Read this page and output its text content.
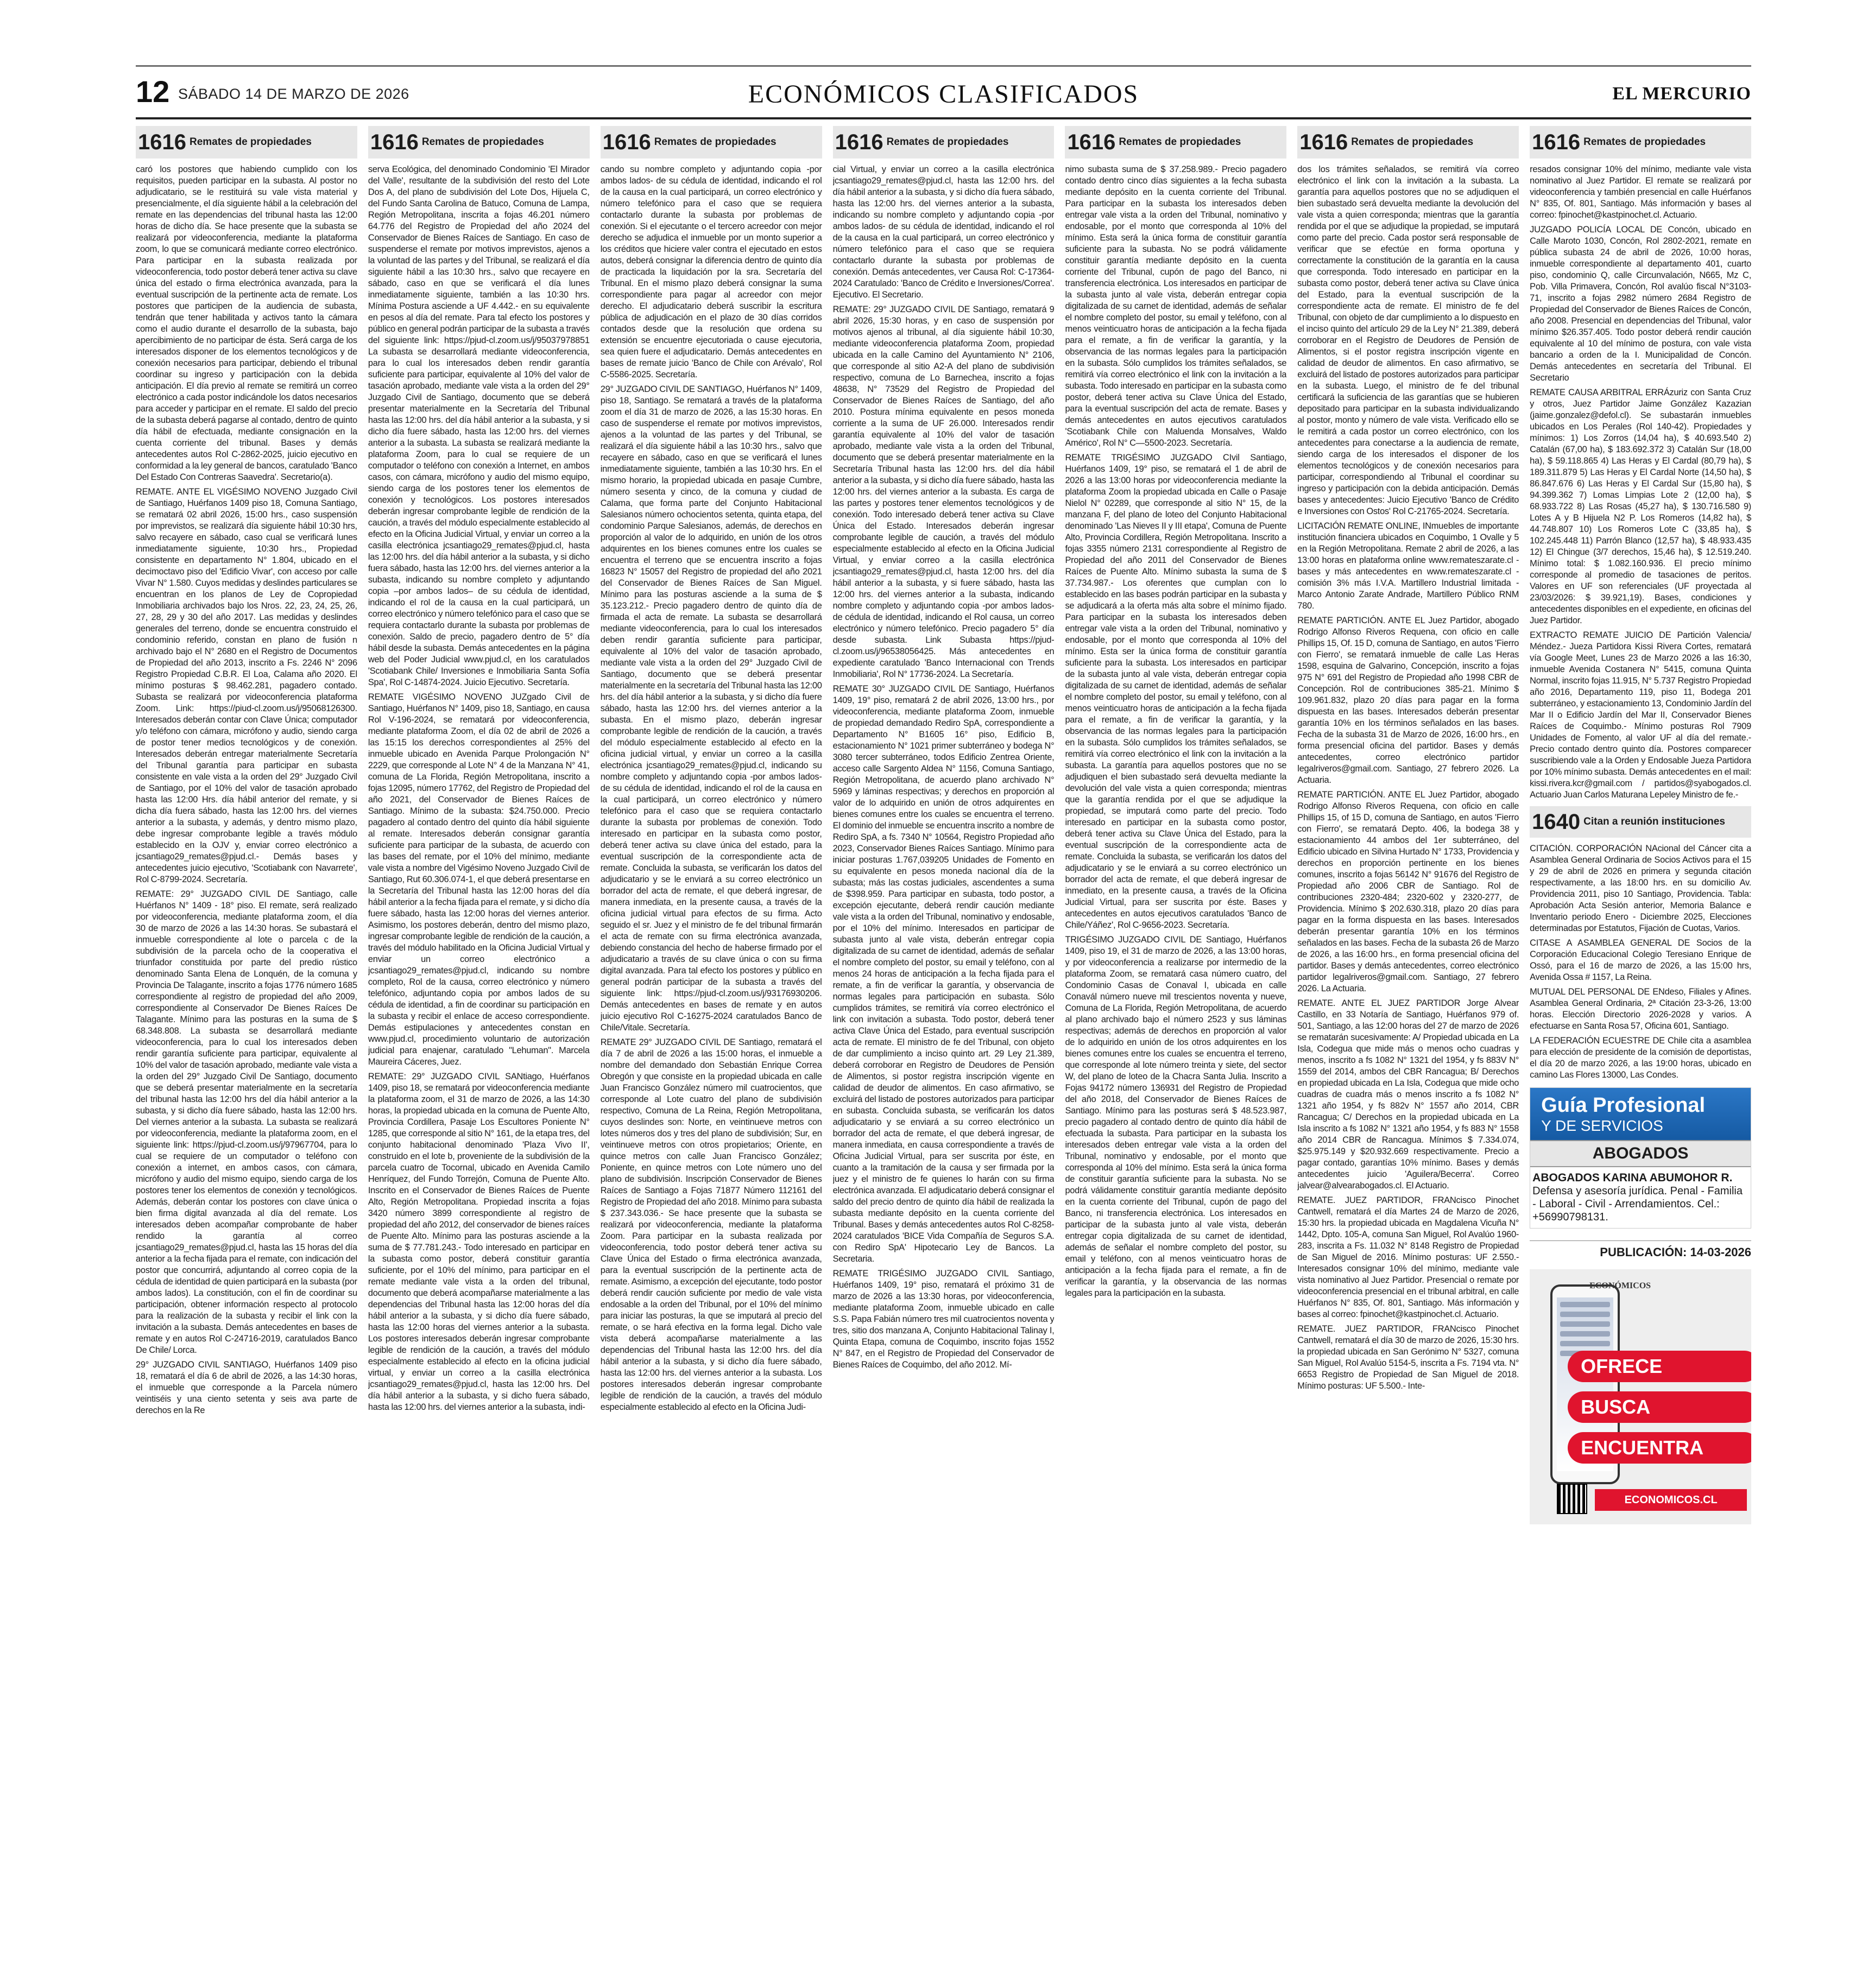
12 SÁBADO 14 DE MARZO DE 2026	ECONÓMICOS CLASIFICADOS	EL MERCURIO
1616 Remates de propiedades

caró los postores que habiendo cumplido con los requisitos, pueden participar en la subasta. Al postor no adjudicatario, se le restituirá su vale vista material y presencialmente, el día siguiente hábil a la celebración del remate en las dependencias del tribunal hasta las 12:00 horas de dicho día. Se hace presente que la subasta se realizará por videoconferencia, mediante la plataforma zoom, lo que se comunicará mediante correo electrónico. Para participar en la subasta realizada por videoconferencia, todo postor deberá tener activa su clave única del estado o firma electrónica avanzada, para la eventual suscripción de la pertinente acta de remate. Los postores que participen de la audiencia de subasta, tendrán que tener habilitada y activos tanto la cámara como el audio durante el desarrollo de la subasta, bajo apercibimiento de no participar de ésta. Será carga de los interesados disponer de los elementos tecnológicos y de conexión necesarios para participar, debiendo el tribunal coordinar su ingreso y participación con la debida anticipación. El día previo al remate se remitirá un correo electrónico a cada postor indicándole los datos necesarios para acceder y participar en el remate. El saldo del precio de la subasta deberá pagarse al contado, dentro de quinto día hábil de efectuada, mediante consignación en la cuenta corriente del tribunal. Bases y demás antecedentes autos Rol C-2862-2025, juicio ejecutivo en conformidad a la ley general de bancos, caratulado 'Banco Del Estado Con Contreras Saavedra'. Secretario(a).

REMATE. ANTE EL VIGÉSIMO NOVENO Juzgado Civil de Santiago, Huérfanos 1409 piso 18, Comuna Santiago, se rematará 02 abril 2026, 15:00 hrs., caso suspensión por imprevistos, se realizará día siguiente hábil 10:30 hrs, salvo recayere en sábado, caso cual se verificará lunes inmediatamente siguiente, 10:30 hrs., Propiedad consistente en departamento N° 1.804, ubicado en el decimoctavo piso del 'Edificio Vivar', con acceso por calle Vivar N° 1.580. Cuyos medidas y deslindes particulares se encuentran en los planos de Ley de Copropiedad Inmobiliaria archivados bajo los Nros. 22, 23, 24, 25, 26, 27, 28, 29 y 30 del año 2017. Las medidas y deslindes generales del terreno, donde se encuentra construido el condominio referido, constan en plano de fusión n archivado bajo el N° 2680 en el Registro de Documentos de Propiedad del año 2013, inscrito a Fs. 2246 N° 2096 Registro Propiedad C.B.R. El Loa, Calama año 2020. El mínimo posturas $ 98.462.281, pagadero contado. Subasta se realizará por videoconferencia plataforma Zoom. Link: https://piud-cl.zoom.us/j/95068126300. Interesados deberán contar con Clave Única; computador y/o teléfono con cámara, micrófono y audio, siendo carga de postor tener medios tecnológicos y de conexión. Interesados deberán entregar materialmente Secretaría del Tribunal garantía para participar en subasta consistente en vale vista a la orden del 29° Juzgado Civil de Santiago, por el 10% del valor de tasación aprobado hasta las 12:00 Hrs. día hábil anterior del remate, y si dicha día fuera sábado, hasta las 12:00 hrs. del viernes anterior a la subasta, y además, y dentro mismo plazo, debe ingresar comprobante legible a través módulo establecido en la OJV y, enviar correo electrónico a jcsantiago29_remates@pjud.cl.- Demás bases y antecedentes juicio ejecutivo, 'Scotiabank con Navarrete', Rol C-8799-2024. Secretaría.

REMATE: 29° JUZGADO CIVIL DE Santiago, calle Huérfanos N° 1409 - 18° piso. El remate, será realizado por videoconferencia, mediante plataforma zoom, el día 30 de marzo de 2026 a las 14:30 horas. Se subastará el inmueble correspondiente al lote o parcela c de la subdivisión de la parcela ocho de la cooperativa el triunfador constituida por parte del predio rústico denominado Santa Elena de Lonquén, de la comuna y Provincia De Talagante, inscrito a fojas 1776 número 1685 correspondiente al registro de propiedad del año 2009, correspondiente al Conservador De Bienes Raíces De Talagante. Mínimo para las posturas en la suma de $ 68.348.808. La subasta se desarrollará mediante videoconferencia, para lo cual los interesados deben rendir garantía suficiente para participar, equivalente al 10% del valor de tasación aprobado, mediante vale vista a la orden del 29° Juzgado Civil De Santiago, documento que se deberá presentar materialmente en la secretaría del tribunal hasta las 12:00 hrs del día hábil anterior a la subasta, y si dicho día fuere sábado, hasta las 12:00 hrs. Del viernes anterior a la subasta. La subasta se realizará por videoconferencia, mediante la plataforma zoom, en el siguiente link: https://pjud-cl.zoom.us/j/97967704, para lo cual se requiere de un computador o teléfono con conexión a internet, en ambos casos, con cámara, micrófono y audio del mismo equipo, siendo carga de los postores tener los elementos de conexión y tecnológicos. Además, deberán contar los postores con clave única o bien firma digital avanzada al día del remate. Los interesados deben acompañar comprobante de haber rendido la garantía al correo jcsantiago29_remates@pjud.cl, hasta las 15 horas del día anterior a la fecha fijada para el remate, con indicación del postor que concurrirá, adjuntando al correo copia de la cédula de identidad de quien participará en la subasta (por ambos lados). La constitución, con el fin de coordinar su participación, obtener información respecto al protocolo para la realización de la subasta y recibir el link con la invitación a la subasta. Demás antecedentes en bases de remate y en autos Rol C-24716-2019, caratulados Banco De Chile/ Lorca.

29° JUZGADO CIVIL SANTIAGO, Huérfanos 1409 piso 18, rematará el día 6 de abril de 2026, a las 14:30 horas, el inmueble que corresponde a la Parcela número veintiséis y una ciento setenta y seis ava parte de derechos en la Re

1616 Remates de propiedades

serva Ecológica, del denominado Condominio 'El Mirador del Valle', resultante de la subdivisión del resto del Lote Dos A, del plano de subdivisión del Lote Dos, Hijuela C, del Fundo Santa Carolina de Batuco, Comuna de Lampa, Región Metropolitana, inscrita a fojas 46.201 número 64.776 del Registro de Propiedad del año 2024 del Conservador de Bienes Raíces de Santiago. En caso de suspenderse el remate por motivos imprevistos, ajenos a la voluntad de las partes y del Tribunal, se realizará el día siguiente hábil a las 10:30 hrs., salvo que recayere en sábado, caso en que se verificará el día lunes inmediatamente siguiente, también a las 10:30 hrs. Mínima Postura asciende a UF 4.442.- en su equivalente en pesos al día del remate. Para tal efecto los postores y público en general podrán participar de la subasta a través del siguiente link: https://pjud-cl.zoom.us/j/95037978851 La subasta se desarrollará mediante videoconferencia, para lo cual los interesados deben rendir garantía suficiente para participar, equivalente al 10% del valor de tasación aprobado, mediante vale vista a la orden del 29° Juzgado Civil de Santiago, documento que se deberá presentar materialmente en la Secretaría del Tribunal hasta las 12:00 hrs. del día hábil anterior a la subasta, y si dicho día fuere sábado, hasta las 12:00 hrs. del viernes anterior a la subasta. La subasta se realizará mediante la plataforma Zoom, para lo cual se requiere de un computador o teléfono con conexión a Internet, en ambos casos, con cámara, micrófono y audio del mismo equipo, siendo carga de los postores tener los elementos de conexión y tecnológicos. Los postores interesados deberán ingresar comprobante legible de rendición de la caución, a través del módulo especialmente establecido al efecto en la Oficina Judicial Virtual, y enviar un correo a la casilla electrónica jcsantiago29_remates@pjud.cl, hasta las 12:00 hrs. del día hábil anterior a la subasta, y si dicho fuera sábado, hasta las 12:00 hrs. del viernes anterior a la subasta, indicando su nombre completo y adjuntando copia –por ambos lados– de su cédula de identidad, indicando el rol de la causa en la cual participará, un correo electrónico y número telefónico para el caso que se requiera contactarlo durante la subasta por problemas de conexión. Saldo de precio, pagadero dentro de 5° día hábil desde la subasta. Demás antecedentes en la página web del Poder Judicial www.pjud.cl, en los caratulados 'Scotiabank Chile/ Inversiones e Inmobiliaria Santa Sofía Spa', Rol C-14874-2024. Juicio Ejecutivo. Secretaría.

REMATE VIGÉSIMO NOVENO JUZgado Civil de Santiago, Huérfanos N° 1409, piso 18, Santiago, en causa Rol V-196-2024, se rematará por videoconferencia, mediante plataforma Zoom, el día 02 de abril de 2026 a las 15:15 los derechos correspondientes al 25% del inmueble ubicado en Avenida Parque Prolongación N° 2229, que corresponde al Lote N° 4 de la Manzana N° 41, comuna de La Florida, Región Metropolitana, inscrito a fojas 12095, número 17762, del Registro de Propiedad del año 2021, del Conservador de Bienes Raíces de Santiago. Mínimo de la subasta: $24.750.000. Precio pagadero al contado dentro del quinto día hábil siguiente al remate. Interesados deberán consignar garantía suficiente para participar de la subasta, de acuerdo con las bases del remate, por el 10% del mínimo, mediante vale vista a nombre del Vigésimo Noveno Juzgado Civil de Santiago, Rut 60.306.074-1, el que deberá presentarse en la Secretaría del Tribunal hasta las 12:00 horas del día hábil anterior a la fecha fijada para el remate, y si dicho día fuere sábado, hasta las 12:00 horas del viernes anterior. Asimismo, los postores deberán, dentro del mismo plazo, ingresar comprobante legible de rendición de la caución, a través del módulo habilitado en la Oficina Judicial Virtual y enviar un correo electrónico a jcsantiago29_remates@pjud.cl, indicando su nombre completo, Rol de la causa, correo electrónico y número telefónico, adjuntando copia por ambos lados de su cédula de identidad, a fin de coordinar su participación en la subasta y recibir el enlace de acceso correspondiente. Demás estipulaciones y antecedentes constan en www.pjud.cl, procedimiento voluntario de autorización judicial para enajenar, caratulado "Lehuman". Marcela Maureira Cáceres, Juez.

REMATE: 29° JUZGADO CIVIL SANtiago, Huérfanos 1409, piso 18, se rematará por videoconferencia mediante la plataforma zoom, el 31 de marzo de 2026, a las 14:30 horas, la propiedad ubicada en la comuna de Puente Alto, Provincia Cordillera, Pasaje Los Escultores Poniente N° 1285, que corresponde al sitio N° 161, de la etapa tres, del conjunto habitacional denominado 'Plaza Vivo II', construido en el lote b, proveniente de la subdivisión de la parcela cuatro de Tocornal, ubicado en Avenida Camilo Henríquez, del Fundo Torrejón, Comuna de Puente Alto. Inscrito en el Conservador de Bienes Raíces de Puente Alto, Región Metropolitana. Propiedad inscrita a fojas 3420 número 3899 correspondiente al registro de propiedad del año 2012, del conservador de bienes raíces de Puente Alto. Mínimo para las posturas asciende a la suma de $ 77.781.243.- Todo interesado en participar en la subasta como postor, deberá constituir garantía suficiente, por el 10% del mínimo, para participar en el remate mediante vale vista a la orden del tribunal, documento que deberá acompañarse materialmente a las dependencias del Tribunal hasta las 12:00 horas del día hábil anterior a la subasta, y si dicho día fuere sábado, hasta las 12:00 horas del viernes anterior a la subasta. Los postores interesados deberán ingresar comprobante legible de rendición de la caución, a través del módulo especialmente establecido al efecto en la oficina judicial virtual, y enviar un correo a la casilla electrónica jcsantiago29_remates@pjud.cl, hasta las 12:00 hrs. Del día hábil anterior a la subasta, y si dicho fuera sábado, hasta las 12:00 hrs. del viernes anterior a la subasta, indi-

1616 Remates de propiedades

cando su nombre completo y adjuntando copia -por ambos lados- de su cédula de identidad, indicando el rol de la causa en la cual participará, un correo electrónico y número telefónico para el caso que se requiera contactarlo durante la subasta por problemas de conexión. Si el ejecutante o el tercero acreedor con mejor derecho se adjudica el inmueble por un monto superior a los créditos que hiciere valer contra el ejecutado en estos autos, deberá consignar la diferencia dentro de quinto día de practicada la liquidación por la sra. Secretaría del Tribunal. En el mismo plazo deberá consignar la suma correspondiente para pagar al acreedor con mejor derecho. El adjudicatario deberá suscribir la escritura pública de adjudicación en el plazo de 30 días corridos contados desde que la resolución que ordena su extensión se encuentre ejecutoriada o cause ejecutoria, sea quien fuere el adjudicatario. Demás antecedentes en bases de remate juicio 'Banco de Chile con Arévalo', Rol C-5586-2025. Secretaría.

29° JUZGADO CIVIL DE SANTIAGO, Huérfanos N° 1409, piso 18, Santiago. Se rematará a través de la plataforma zoom el día 31 de marzo de 2026, a las 15:30 horas. En caso de suspenderse el remate por motivos imprevistos, ajenos a la voluntad de las partes y del Tribunal, se realizará el día siguiente hábil a las 10:30 hrs., salvo que recayere en sábado, caso en que se verificará el lunes inmediatamente siguiente, también a las 10:30 hrs. En el mismo horario, la propiedad ubicada en pasaje Cumbre, número sesenta y cinco, de la comuna y ciudad de Calama, que forma parte del Conjunto Habitacional Salesianos número ochocientos setenta, quinta etapa, del condominio Parque Salesianos, además, de derechos en proporción al valor de lo adquirido, en unión de los otros adquirentes en los bienes comunes entre los cuales se encuentra el terreno que se encuentra inscrito a fojas 16823 N° 15057 del Registro de propiedad del año 2021 del Conservador de Bienes Raíces de San Miguel. Mínimo para las posturas asciende a la suma de $ 35.123.212.- Precio pagadero dentro de quinto día de firmada el acta de remate. La subasta se desarrollará mediante videoconferencia, para lo cual los interesados deben rendir garantía suficiente para participar, equivalente al 10% del valor de tasación aprobado, mediante vale vista a la orden del 29° Juzgado Civil de Santiago, documento que se deberá presentar materialmente en la secretaría del Tribunal hasta las 12:00 hrs. del día hábil anterior a la subasta, y si dicho día fuere sábado, hasta las 12:00 hrs. del viernes anterior a la subasta. En el mismo plazo, deberán ingresar comprobante legible de rendición de la caución, a través del módulo especialmente establecido al efecto en la oficina judicial virtual, y enviar un correo a la casilla electrónica jcsantiago29_remates@pjud.cl, indicando su nombre completo y adjuntando copia -por ambos lados- de su cédula de identidad, indicando el rol de la causa en la cual participará, un correo electrónico y número telefónico para el caso que se requiera contactarlo durante la subasta por problemas de conexión. Todo interesado en participar en la subasta como postor, deberá tener activa su clave única del estado, para la eventual suscripción de la correspondiente acta de remate. Concluida la subasta, se verificarán los datos del adjudicatario y se le enviará a su correo electrónico un borrador del acta de remate, el que deberá ingresar, de manera inmediata, en la presente causa, a través de la oficina judicial virtual para efectos de su firma. Acto seguido el sr. Juez y el ministro de fe del tribunal firmarán el acta de remate con su firma electrónica avanzada, debiendo constancia del hecho de haberse firmado por el adjudicatario a través de su clave única o con su firma digital avanzada. Para tal efecto los postores y público en general podrán participar de la subasta a través del siguiente link: https://pjud-cl.zoom.us/j/93176930206. Demás antecedentes en bases de remate y en autos juicio ejecutivo Rol C-16275-2024 caratulados Banco de Chile/Vitale. Secretaría.

REMATE 29° JUZGADO CIVIL DE Santiago, rematará el día 7 de abril de 2026 a las 15:00 horas, el inmueble a nombre del demandado don Sebastián Enrique Correa Obregón y que consiste en la propiedad ubicada en calle Juan Francisco González número mil cuatrocientos, que corresponde al Lote cuatro del plano de subdivisión respectivo, Comuna de La Reina, Región Metropolitana, cuyos deslindes son: Norte, en veintinueve metros con lotes números dos y tres del plano de subdivisión; Sur, en veintinueve metros con otros propietarios; Oriente, en quince metros con calle Juan Francisco González; Poniente, en quince metros con Lote número uno del plano de subdivisión. Inscripción Conservador de Bienes Raíces de Santiago a Fojas 71877 Número 112161 del Registro de Propiedad del año 2018. Mínimo para subasta $ 237.343.036.- Se hace presente que la subasta se realizará por videoconferencia, mediante la plataforma Zoom. Para participar en la subasta realizada por videoconferencia, todo postor deberá tener activa su Clave Única del Estado o firma electrónica avanzada, para la eventual suscripción de la pertinente acta de remate. Asimismo, a excepción del ejecutante, todo postor deberá rendir caución suficiente por medio de vale vista endosable a la orden del Tribunal, por el 10% del mínimo para iniciar las posturas, la que se imputará al precio del remate, o se hará efectiva en la forma legal. Dicho vale vista deberá acompañarse materialmente a las dependencias del Tribunal hasta las 12:00 hrs. del día hábil anterior a la subasta, y si dicho día fuere sábado, hasta las 12:00 hrs. del viernes anterior a la subasta. Los postores interesados deberán ingresar comprobante legible de rendición de la caución, a través del módulo especialmente establecido al efecto en la Oficina Judi-

1616 Remates de propiedades

cial Virtual, y enviar un correo a la casilla electrónica jcsantiago29_remates@pjud.cl, hasta las 12:00 hrs. del día hábil anterior a la subasta, y si dicho día fuera sábado, hasta las 12:00 hrs. del viernes anterior a la subasta, indicando su nombre completo y adjuntando copia -por ambos lados- de su cédula de identidad, indicando el rol de la causa en la cual participará, un correo electrónico y número telefónico para el caso que se requiera contactarlo durante la subasta por problemas de conexión. Demás antecedentes, ver Causa Rol: C-17364-2024 Caratulado: 'Banco de Crédito e Inversiones/Correa'. Ejecutivo. El Secretario.

REMATE: 29° JUZGADO CIVIL DE Santiago, rematará 9 abril 2026, 15:30 horas, y en caso de suspensión por motivos ajenos al tribunal, al día siguiente hábil 10:30, mediante videoconferencia plataforma Zoom, propiedad ubicada en la calle Camino del Ayuntamiento N° 2106, que corresponde al sitio A2-A del plano de subdivisión respectivo, comuna de Lo Barnechea, inscrito a fojas 48638, N° 73529 del Registro de Propiedad del Conservador de Bienes Raíces de Santiago, del año 2010. Postura mínima equivalente en pesos moneda corriente a la suma de UF 26.000. Interesados rendir garantía equivalente al 10% del valor de tasación aprobado, mediante vale vista a la orden del Tribunal, documento que se deberá presentar materialmente en la Secretaría Tribunal hasta las 12:00 hrs. del día hábil anterior a la subasta, y si dicho día fuere sábado, hasta las 12:00 hrs. del viernes anterior a la subasta. Es carga de las partes y postores tener elementos tecnológicos y de conexión. Todo interesado deberá tener activa su Clave Única del Estado. Interesados deberán ingresar comprobante legible de caución, a través del módulo especialmente establecido al efecto en la Oficina Judicial Virtual, y enviar correo a la casilla electrónica jcsantiago29_remates@pjud.cl, hasta 12:00 hrs. del día hábil anterior a la subasta, y si fuere sábado, hasta las 12:00 hrs. del viernes anterior a la subasta, indicando nombre completo y adjuntando copia -por ambos lados- de cédula de identidad, indicando el Rol causa, un correo electrónico y número telefónico. Precio pagadero 5° día desde subasta. Link Subasta https://pjud-cl.zoom.us/j/96538056425. Más antecedentes en expediente caratulado 'Banco Internacional con Trends Inmobiliaria', Rol N° 17736-2024. La Secretaría.

REMATE 30° JUZGADO CIVIL DE Santiago, Huérfanos 1409, 19° piso, rematará 2 de abril 2026, 13:00 hrs., por videoconferencia, mediante plataforma Zoom, inmueble de propiedad demandado Rediro SpA, correspondiente a Departamento N° B1605 16° piso, Edificio B, estacionamiento N° 1021 primer subterráneo y bodega N° 3080 tercer subterráneo, todos Edificio Zentrea Oriente, acceso calle Sargento Aldea N° 1156, Comuna Santiago, Región Metropolitana, de acuerdo plano archivado N° 5969 y láminas respectivas; y derechos en proporción al valor de lo adquirido en unión de otros adquirentes en bienes comunes entre los cuales se encuentra el terreno. El dominio del inmueble se encuentra inscrito a nombre de Rediro SpA, a fs. 7340 N° 10564, Registro Propiedad año 2023, Conservador Bienes Raíces Santiago. Mínimo para iniciar posturas 1.767,039205 Unidades de Fomento en su equivalente en pesos moneda nacional día de la subasta; más las costas judiciales, ascendentes a suma de $398.959. Para participar en subasta, todo postor, a excepción ejecutante, deberá rendir caución mediante vale vista a la orden del Tribunal, nominativo y endosable, por el 10% del mínimo. Interesados en participar de subasta junto al vale vista, deberán entregar copia digitalizada de su carnet de identidad, además de señalar el nombre completo del postor, su email y teléfono, con al menos 24 horas de anticipación a la fecha fijada para el remate, a fin de verificar la garantía, y observancia de normas legales para participación en subasta. Sólo cumplidos trámites, se remitirá vía correo electrónico el link con invitación a subasta. Todo postor, deberá tener activa Clave Única del Estado, para eventual suscripción acta de remate. El ministro de fe del Tribunal, con objeto de dar cumplimiento a inciso quinto art. 29 Ley 21.389, deberá corroborar en Registro de Deudores de Pensión de Alimentos, si postor registra inscripción vigente en calidad de deudor de alimentos. En caso afirmativo, se excluirá del listado de postores autorizados para participar en subasta. Concluida subasta, se verificarán los datos adjudicatario y se enviará a su correo electrónico un borrador del acta de remate, el que deberá ingresar, de manera inmediata, en causa correspondiente a través de Oficina Judicial Virtual, para ser suscrita por éste, en cuanto a la tramitación de la causa y ser firmada por la juez y el ministro de fe quienes lo harán con su firma electrónica avanzada. El adjudicatario deberá consignar el saldo del precio dentro de quinto día hábil de realizada la subasta mediante depósito en la cuenta corriente del Tribunal. Bases y demás antecedentes autos Rol C-8258-2024 caratulados 'BICE Vida Compañía de Seguros S.A. con Rediro SpA' Hipotecario Ley de Bancos. La Secretaria.

REMATE TRIGÉSIMO JUZGADO CIVIL Santiago, Huérfanos 1409, 19° piso, rematará el próximo 31 de marzo de 2026 a las 13:30 horas, por videoconferencia, mediante plataforma Zoom, inmueble ubicado en calle S.S. Papa Fabián número tres mil cuatrocientos noventa y tres, sitio dos manzana A, Conjunto Habitacional Talinay I, Quinta Etapa, comuna de Coquimbo, inscrito fojas 1552 N° 847, en el Registro de Propiedad del Conservador de Bienes Raíces de Coquimbo, del año 2012. Mí-

1616 Remates de propiedades

nimo subasta suma de $ 37.258.989.- Precio pagadero contado dentro cinco días siguientes a la fecha subasta mediante depósito en la cuenta corriente del Tribunal. Para participar en la subasta los interesados deben entregar vale vista a la orden del Tribunal, nominativo y endosable, por el monto que corresponda al 10% del mínimo. Esta será la única forma de constituir garantía suficiente para la subasta. No se podrá válidamente constituir garantía mediante depósito en la cuenta corriente del Tribunal, cupón de pago del Banco, ni transferencia electrónica. Los interesados en participar de la subasta junto al vale vista, deberán entregar copia digitalizada de su carnet de identidad, además de señalar el nombre completo del postor, su email y teléfono, con al menos veinticuatro horas de anticipación a la fecha fijada para el remate, a fin de verificar la garantía, y la observancia de las normas legales para la participación en la subasta. Sólo cumplidos los trámites señalados, se remitirá vía correo electrónico el link con la invitación a la subasta. Todo interesado en participar en la subasta como postor, deberá tener activa su Clave Única del Estado, para la eventual suscripción del acta de remate. Bases y demás antecedentes en autos ejecutivos caratulados 'Scotiabank Chile con Maluenda Monsalves, Waldo Américo', Rol N° C—5500-2023. Secretaría.

REMATE TRIGÉSIMO JUZGADO CIvil Santiago, Huérfanos 1409, 19° piso, se rematará el 1 de abril de 2026 a las 13:00 horas por videoconferencia mediante la plataforma Zoom la propiedad ubicada en Calle o Pasaje Nielol N° 02289, que corresponde al sitio N° 15, de la manzana F, del plano de loteo del Conjunto Habitacional denominado 'Las Nieves II y III etapa', Comuna de Puente Alto, Provincia Cordillera, Región Metropolitana. Inscrito a fojas 3355 número 2131 correspondiente al Registro de Propiedad del año 2011 del Conservador de Bienes Raíces de Puente Alto. Mínimo subasta la suma de $ 37.734.987.- Los oferentes que cumplan con lo establecido en las bases podrán participar en la subasta y se adjudicará a la oferta más alta sobre el mínimo fijado. Para participar en la subasta los interesados deben entregar vale vista a la orden del Tribunal, nominativo y endosable, por el monto que corresponda al 10% del mínimo. Esta ser la única forma de constituir garantía suficiente para la subasta. Los interesados en participar de la subasta junto al vale vista, deberán entregar copia digitalizada de su carnet de identidad, además de señalar el nombre completo del postor, su email y teléfono, con al menos veinticuatro horas de anticipación a la fecha fijada para el remate, a fin de verificar la garantía, y la observancia de las normas legales para la participación en la subasta. Sólo cumplidos los trámites señalados, se remitirá vía correo electrónico el link con la invitación a la subasta. La garantía para aquellos postores que no se adjudiquen el bien subastado será devuelta mediante la devolución del vale vista a quien corresponda; mientras que la garantía rendida por el que se adjudique la propiedad, se imputará como parte del precio. Todo interesado en participar en la subasta como postor, deberá tener activa su Clave Única del Estado, para la eventual suscripción de la correspondiente acta de remate. Concluida la subasta, se verificarán los datos del adjudicatario y se le enviará a su correo electrónico un borrador del acta de remate, el que deberá ingresar de inmediato, en la presente causa, a través de la Oficina Judicial Virtual, para ser suscrita por éste. Bases y antecedentes en autos ejecutivos caratulados 'Banco de Chile/Yáñez', Rol C-9656-2023. Secretaría.

TRIGÉSIMO JUZGADO CIVIL DE Santiago, Huérfanos 1409, piso 19, el 31 de marzo de 2026, a las 13:00 horas, y por videoconferencia a realizarse por intermedio de la plataforma Zoom, se rematará casa número cuatro, del Condominio Casas de Conaval I, ubicada en calle Conavál número nueve mil trescientos noventa y nueve, Comuna de La Florida, Región Metropolitana, de acuerdo al plano archivado bajo el número 2523 y sus láminas respectivas; además de derechos en proporción al valor de lo adquirido en unión de los otros adquirentes en los bienes comunes entre los cuales se encuentra el terreno, que corresponde al lote número treinta y siete, del sector W, del plano de loteo de la Chacra Santa Julia. Inscrito a Fojas 94172 número 136931 del Registro de Propiedad del año 2018, del Conservador de Bienes Raíces de Santiago. Mínimo para las posturas será $ 48.523.987, precio pagadero al contado dentro de quinto día hábil de efectuada la subasta. Para participar en la subasta los interesados deben entregar vale vista a la orden del Tribunal, nominativo y endosable, por el monto que corresponda al 10% del mínimo. Esta será la única forma de constituir garantía suficiente para la subasta. No se podrá válidamente constituir garantía mediante depósito en la cuenta corriente del Tribunal, cupón de pago del Banco, ni transferencia electrónica. Los interesados en participar de la subasta junto al vale vista, deberán entregar copia digitalizada de su carnet de identidad, además de señalar el nombre completo del postor, su email y teléfono, con al menos veinticuatro horas de anticipación a la fecha fijada para el remate, a fin de verificar la garantía, y la observancia de las normas legales para la participación en la subasta.

1616 Remates de propiedades

dos los trámites señalados, se remitirá vía correo electrónico el link con la invitación a la subasta. La garantía para aquellos postores que no se adjudiquen el bien subastado será devuelta mediante la devolución del vale vista a quien corresponda; mientras que la garantía rendida por el que se adjudique la propiedad, se imputará como parte del precio. Cada postor será responsable de verificar que se efectúe en forma oportuna y correctamente la constitución de la garantía en la causa que corresponda. Todo interesado en participar en la subasta como postor, deberá tener activa su Clave única del Estado, para la eventual suscripción de la correspondiente acta de remate. El ministro de fe del Tribunal, con objeto de dar cumplimiento a lo dispuesto en el inciso quinto del artículo 29 de la Ley N° 21.389, deberá corroborar en el Registro de Deudores de Pensión de Alimentos, si el postor registra inscripción vigente en calidad de deudor de alimentos. En caso afirmativo, se excluirá del listado de postores autorizados para participar en la subasta. Luego, el ministro de fe del tribunal certificará la suficiencia de las garantías que se hubieren depositado para participar en la subasta individualizando al postor, monto y número de vale vista. Verificado ello se le remitirá a cada postor un correo electrónico, con los antecedentes para conectarse a la audiencia de remate, siendo carga de los interesados el disponer de los elementos tecnológicos y de conexión necesarios para participar, correspondiendo al Tribunal el coordinar su ingreso y participación con la debida anticipación. Demás bases y antecedentes: Juicio Ejecutivo 'Banco de Crédito e Inversiones con Ostos' Rol C-21765-2024. Secretaría.

LICITACIÓN REMATE ONLINE, INmuebles de importante institución financiera ubicados en Coquimbo, 1 Ovalle y 5 en la Región Metropolitana. Remate 2 abril de 2026, a las 13:00 horas en plataforma online www.remateszarate.cl - bases y más antecedentes en www.remateszarate.cl - comisión 3% más I.V.A. Martillero Industrial limitada - Marco Antonio Zarate Andrade, Martillero Público RNM 780.

REMATE PARTICIÓN. ANTE EL Juez Partidor, abogado Rodrigo Alfonso Riveros Requena, con oficio en calle Phillips 15, Of. 15 D, comuna de Santiago, en autos 'Fierro con Fierro', se rematará inmueble de calle Las Heras 1598, esquina de Galvarino, Concepción, inscrito a fojas 975 N° 691 del Registro de Propiedad año 1998 CBR de Concepción. Rol de contribuciones 385-21. Mínimo $ 109.961.832, plazo 20 días para pagar en la forma dispuesta en las bases. Interesados deberán presentar garantía 10% en los términos señalados en las bases. Fecha de la subasta 31 de Marzo de 2026, 16:00 hrs., en forma presencial oficina del partidor. Bases y demás antecedentes, correo electrónico partidor legalriveros@gmail.com. Santiago, 27 febrero 2026. La Actuaria.

REMATE PARTICIÓN. ANTE EL Juez Partidor, abogado Rodrigo Alfonso Riveros Requena, con oficio en calle Phillips 15, of 15 D, comuna de Santiago, en autos 'Fierro con Fierro', se rematará Depto. 406, la bodega 38 y estacionamiento 44 ambos del 1er subterráneo, del Edificio ubicado en Silvina Hurtado N° 1733, Providencia y derechos en proporción pertinente en los bienes comunes, inscrito a fojas 56142 N° 91676 del Registro de Propiedad año 2006 CBR de Santiago. Rol de contribuciones 2320-484; 2320-602 y 2320-277, de Providencia. Mínimo $ 202.630.318, plazo 20 días para pagar en la forma dispuesta en las bases. Interesados deberán presentar garantía 10% en los términos señalados en las bases. Fecha de la subasta 26 de Marzo de 2026, a las 16:00 hrs., en forma presencial oficina del partidor. Bases y demás antecedentes, correo electrónico partidor legalriveros@gmail.com. Santiago, 27 febrero 2026. La Actuaria.

REMATE. ANTE EL JUEZ PARTIDOR Jorge Alvear Castillo, en 33 Notaría de Santiago, Huérfanos 979 of. 501, Santiago, a las 12:00 horas del 27 de marzo de 2026 se rematarán sucesivamente: A/ Propiedad ubicada en La Isla, Codegua que mide más o menos ocho cuadras y menos, inscrito a fs 1082 N° 1321 del 1954, y fs 883V N° 1559 del 2014, ambos del CBR Rancagua; B/ Derechos en propiedad ubicada en La Isla, Codegua que mide ocho cuadras de cuadra más o menos inscrito a fs 1082 N° 1321 año 1954, y fs 882v N° 1557 año 2014, CBR Rancagua; C/ Derechos en la propiedad ubicada en La Isla inscrito a fs 1082 N° 1321 año 1954, y fs 883 N° 1558 año 2014 CBR de Rancagua. Mínimos $ 7.334.074, $25.975.149 y $20.932.669 respectivamente. Precio a pagar contado, garantías 10% mínimo. Bases y demás antecedentes juicio 'Aguilera/Becerra'. Correo jalvear@alvearabogados.cl. El Actuario.

REMATE. JUEZ PARTIDOR, FRANcisco Pinochet Cantwell, rematará el día Martes 24 de Marzo de 2026, 15:30 hrs. la propiedad ubicada en Magdalena Vicuña N° 1442, Dpto. 105-A, comuna San Miguel, Rol Avalúo 1960-283, inscrita a Fs. 11.032 N° 8148 Registro de Propiedad de San Miguel de 2016. Mínimo posturas: UF 2.550.- Interesados consignar 10% del mínimo, mediante vale vista nominativo al Juez Partidor. Presencial o remate por videoconferencia presencial en el tribunal arbitral, en calle Huérfanos N° 835, Of. 801, Santiago. Más información y bases al correo: fpinochet@kastpinochet.cl. Actuario.

REMATE. JUEZ PARTIDOR, FRANcisco Pinochet Cantwell, rematará el día 30 de marzo de 2026, 15:30 hrs. la propiedad ubicada en San Gerónimo N° 5327, comuna San Miguel, Rol Avalúo 5154-5, inscrita a Fs. 7194 vta. N° 6653 Registro de Propiedad de San Miguel de 2018. Mínimo posturas: UF 5.500.- Inte-

1616 Remates de propiedades

resados consignar 10% del mínimo, mediante vale vista nominativo al Juez Partidor. El remate se realizará por videoconferencia y también presencial en calle Huérfanos N° 835, Of. 801, Santiago. Más información y bases al correo: fpinochet@kastpinochet.cl. Actuario.

JUZGADO POLICÍA LOCAL DE Concón, ubicado en Calle Maroto 1030, Concón, Rol 2802-2021, remate en pública subasta 24 de abril de 2026, 10:00 horas, inmueble correspondiente al departamento 401, cuarto piso, condominio Q, calle Circunvalación, N665, Mz C, Pob. Villa Primavera, Concón, Rol avalúo fiscal N°3103-71, inscrito a fojas 2982 número 2684 Registro de Propiedad del Conservador de Bienes Raíces de Concón, año 2008. Presencial en dependencias del Tribunal, valor mínimo $26.357.405. Todo postor deberá rendir caución equivalente al 10 del mínimo de postura, con vale vista bancario a orden de la I. Municipalidad de Concón. Demás antecedentes en secretaría del Tribunal. El Secretario

REMATE CAUSA ARBITRAL ERRÁzuriz con Santa Cruz y otros, Juez Partidor Jaime González Kazazian (jaime.gonzalez@defol.cl). Se subastarán inmuebles ubicados en Los Perales (Rol 140-42). Propiedades y mínimos: 1) Los Zorros (14,04 ha), $ 40.693.540 2) Catalán (67,00 ha), $ 183.692.372 3) Catalán Sur (18,00 ha), $ 59.118.865 4) Las Heras y El Cardal (80,79 ha), $ 189.311.879 5) Las Heras y El Cardal Norte (14,50 ha), $ 86.847.676 6) Las Heras y El Cardal Sur (15,80 ha), $ 94.399.362 7) Lomas Limpias Lote 2 (12,00 ha), $ 68.933.722 8) Las Rosas (45,27 ha), $ 130.716.580 9) Lotes A y B Hijuela N2 P. Los Romeros (14,82 ha), $ 44.748.807 10) Los Romeros Lote C (33,85 ha), $ 102.245.448 11) Parrón Blanco (12,57 ha), $ 48.933.435 12) El Chingue (3/7 derechos, 15,46 ha), $ 12.519.240. Mínimo total: $ 1.082.160.936. El precio mínimo corresponde al promedio de tasaciones de peritos. Valores en UF son referenciales (UF proyectada al 23/03/2026: $ 39.921,19). Bases, condiciones y antecedentes disponibles en el expediente, en oficinas del Juez Partidor.

EXTRACTO REMATE JUICIO DE Partición Valencia/ Méndez.- Jueza Partidora Kissi Rivera Cortes, rematará vía Google Meet, Lunes 23 de Marzo 2026 a las 16:30, inmueble Avenida Costanera N° 5415, comuna Quinta Normal, inscrito fojas 11.915, N° 5.737 Registro Propiedad año 2016, Departamento 119, piso 11, Bodega 201 subterráneo, y estacionamiento 13, Condominio Jardín del Mar II o Edificio Jardín del Mar II, Conservador Bienes Raíces de Coquimbo.- Mínimo posturas Rol 7909 Unidades de Fomento, al valor UF al día del remate.- Precio contado dentro quinto día. Postores comparecer suscribiendo vale a la Orden y Endosable Jueza Partidora por 10% mínimo subasta. Demás antecedentes en el mail: kissi.rivera.kcr@gmail.com / partidos@syabogados.cl. Actuario Juan Carlos Maturana Lepeley Ministro de fe.-

1640 Citan a reunión instituciones

CITACIÓN. CORPORACIÓN NAcional del Cáncer cita a Asamblea General Ordinaria de Socios Activos para el 15 y 29 de abril de 2026 en primera y segunda citación respectivamente, a las 18:00 hrs. en su domicilio Av. Providencia 2011, piso 10 Santiago, Providencia. Tabla: Aprobación Acta Sesión anterior, Memoria Balance e Inventario periodo Enero - Diciembre 2025, Elecciones determinadas por Estatutos, Fijación de Cuotas, Varios.

CITASE A ASAMBLEA GENERAL DE Socios de la Corporación Educacional Colegio Teresiano Enrique de Ossó, para el 16 de marzo de 2026, a las 15:00 hrs, Avenida Ossa # 1157, La Reina.

MUTUAL DEL PERSONAL DE ENdeso, Filiales y Afines. Asamblea General Ordinaria, 2ª Citación 23-3-26, 13:00 horas. Elección Directorio 2026-2028 y varios. A efectuarse en Santa Rosa 57, Oficina 601, Santiago.

LA FEDERACIÓN ECUESTRE DE Chile cita a asamblea para elección de presidente de la comisión de deportistas, el día 20 de marzo 2026, a las 19:00 horas, ubicado en camino Las Flores 13000, Las Condes.

Guía Profesional
Y DE SERVICIOS
ABOGADOS
ABOGADOS KARINA ABUMOHOR R.
Defensa y asesoría jurídica. Penal - Familia - Laboral - Civil - Arrendamientos. Cel.: +56990798131.
PUBLICACIÓN: 14-03-2026
ECONÓMICOS
OFRECE
BUSCA
ENCUENTRA
ECONOMICOS.CL
